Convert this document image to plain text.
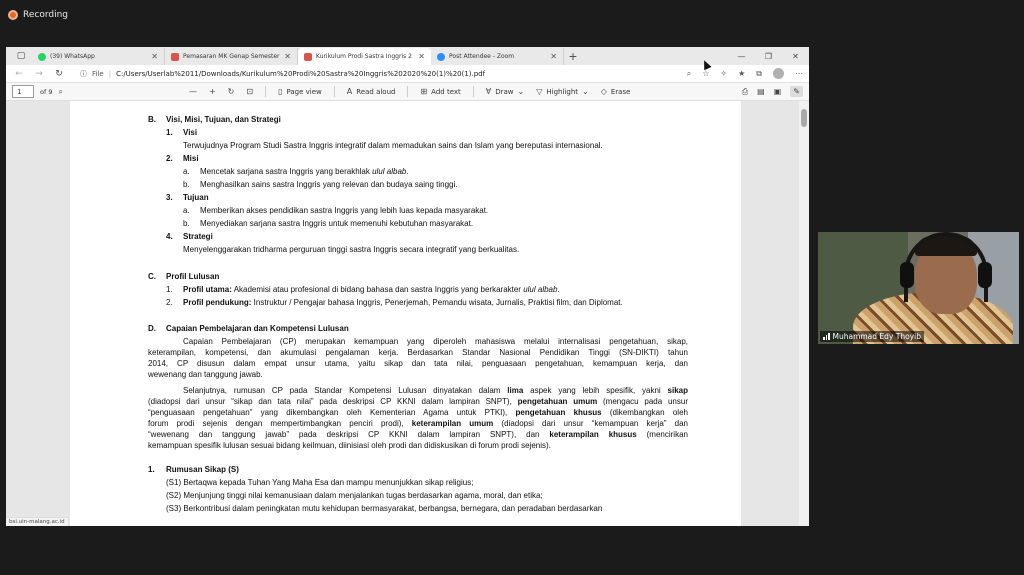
Recording
▢	(39) WhatsApp	✕	Pemasaran MK Genap Semester ✕	Kurikulum Prodi Sastra Inggris 2 ✕	Post Attendee - Zoom	✕	+	—	❐	✕
←	→	↻	ⓘ File | C:/Users/Userlab%2011/Downloads/Kurikulum%20Prodi%20Sastra%20Inggris%202020%20(1)%20(1).pdf	⌕ ☆ ✧ ★ ⧉	⋯
1	of 9 ⌕	— + ↻ ⊡	▯ Page view	A Read aloud	⊞ Add text	∀ Draw ⌄ ▽ Highlight ⌄ ◇ Erase	⎙ ▤ ▣	✎
B. Visi, Misi, Tujuan, dan Strategi
1. Visi
Terwujudnya Program Studi Sastra Inggris integratif dalam memadukan sains dan Islam yang bereputasi internasional.
2. Misi
a. Mencetak sarjana sastra Inggris yang berakhlak ulul albab.
b. Menghasilkan sains sastra Inggris yang relevan dan budaya saing tinggi.
3. Tujuan
a. Memberikan akses pendidikan sastra Inggris yang lebih luas kepada masyarakat.
b. Menyediakan sarjana sastra Inggris untuk memenuhi kebutuhan masyarakat.
4. Strategi
Menyelenggarakan tridharma perguruan tinggi sastra Inggris secara integratif yang berkualitas.
C. Profil Lulusan
1. Profil utama: Akademisi atau profesional di bidang bahasa dan sastra Inggris yang berkarakter ulul albab.
2. Profil pendukung: Instruktur / Pengajar bahasa Inggris, Penerjemah, Pemandu wisata, Jurnalis, Praktisi film, dan Diplomat.
D. Capaian Pembelajaran dan Kompetensi Lulusan
Capaian Pembelajaran (CP) merupakan kemampuan yang diperoleh mahasiswa melalui internalisasi pengetahuan, sikap,
keterampilan, kompetensi, dan akumulasi pengalaman kerja. Berdasarkan Standar Nasional Pendidikan Tinggi (SN-DIKTI) tahun
2014, CP disusun dalam empat unsur utama, yaitu sikap dan tata nilai, penguasaan pengetahuan, kemampuan kerja, dan
wewenang dan tanggung jawab.
Selanjutnya, rumusan CP pada Standar Kompetensi Lulusan dinyatakan dalam lima aspek yang lebih spesifik, yakni sikap
(diadopsi dari unsur “sikap dan tata nilai” pada deskripsi CP KKNI dalam lampiran SNPT), pengetahuan umum (mengacu pada unsur
“penguasaan pengetahuan” yang dikembangkan oleh Kementerian Agama untuk PTKI), pengetahuan khusus (dikembangkan oleh
forum prodi sejenis dengan mempertimbangkan penciri prodi), keterampilan umum (diadopsi dari unsur “kemampuan kerja” dan
“wewenang dan tanggung jawab” pada deskripsi CP KKNI dalam lampiran SNPT), dan keterampilan khusus (mencirikan
kemampuan spesifik lulusan sesuai bidang keilmuan, diinisiasi oleh prodi dan didiskusikan di forum prodi sejenis).
1. Rumusan Sikap (S)
(S1) Bertaqwa kepada Tuhan Yang Maha Esa dan mampu menunjukkan sikap religius;
(S2) Menjunjung tinggi nilai kemanusiaan dalam menjalankan tugas berdasarkan agama, moral, dan etika;
(S3) Berkontribusi dalam peningkatan mutu kehidupan bermasyarakat, berbangsa, bernegara, dan peradaban berdasarkan
bsi.uin-malang.ac.id
Muhammad Edy Thoyib
